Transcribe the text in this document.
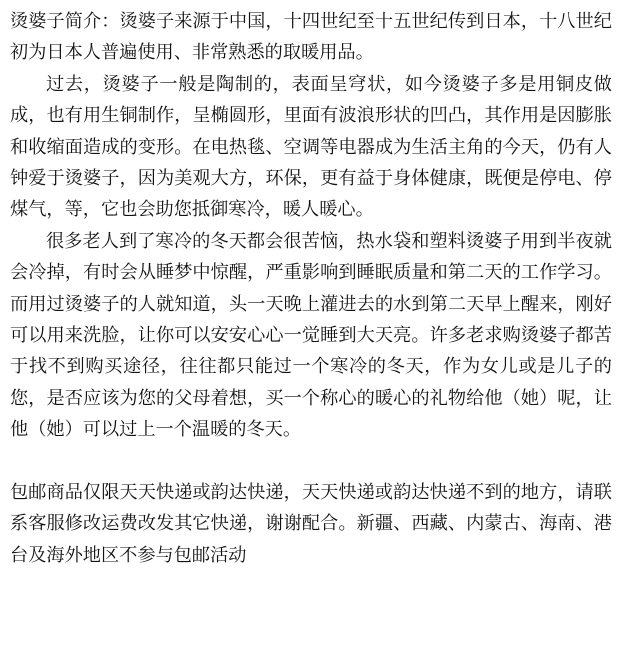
烫婆子简介：烫婆子来源于中国，十四世纪至十五世纪传到日本，十八世纪初为日本人普遍使用、非常熟悉的取暖用品。

过去，烫婆子一般是陶制的，表面呈穹状，如今烫婆子多是用铜皮做成，也有用生铜制作，呈椭圆形，里面有波浪形状的凹凸，其作用是因膨胀和收缩面造成的变形。在电热毯、空调等电器成为生活主角的今天，仍有人钟爱于烫婆子，因为美观大方，环保，更有益于身体健康，既便是停电、停煤气，等，它也会助您抵御寒冷，暖人暖心。

很多老人到了寒冷的冬天都会很苦恼，热水袋和塑料烫婆子用到半夜就会冷掉，有时会从睡梦中惊醒，严重影响到睡眠质量和第二天的工作学习。而用过烫婆子的人就知道，头一天晚上灌进去的水到第二天早上醒来，刚好可以用来洗脸，让你可以安安心心一觉睡到大天亮。许多老求购烫婆子都苦于找不到购买途径，往往都只能过一个寒冷的冬天，作为女儿或是儿子的您，是否应该为您的父母着想，买一个称心的暖心的礼物给他（她）呢，让他（她）可以过上一个温暖的冬天。

包邮商品仅限天天快递或韵达快递，天天快递或韵达快递不到的地方，请联系客服修改运费改发其它快递，谢谢配合。新疆、西藏、内蒙古、海南、港台及海外地区不参与包邮活动
